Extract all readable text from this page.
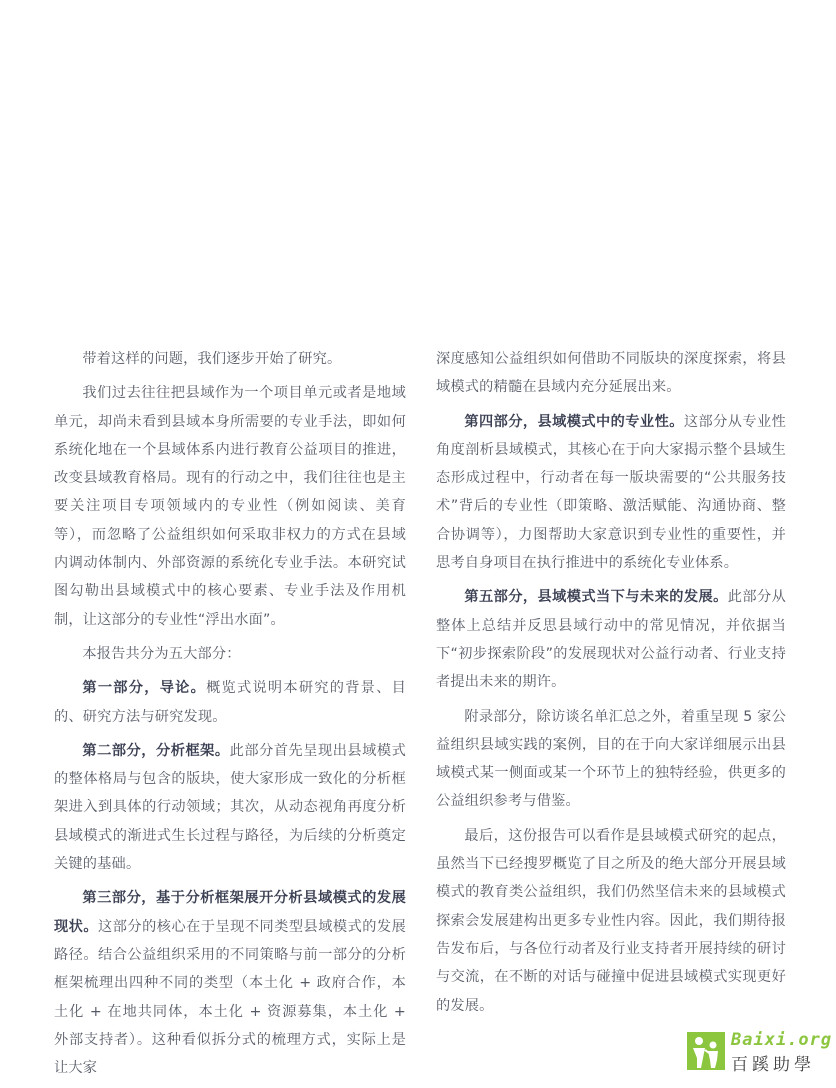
带着这样的问题，我们逐步开始了研究。

我们过去往往把县域作为一个项目单元或者是地域单元，却尚未看到县域本身所需要的专业手法，即如何系统化地在一个县域体系内进行教育公益项目的推进，改变县域教育格局。现有的行动之中，我们往往也是主要关注项目专项领域内的专业性（例如阅读、美育等），而忽略了公益组织如何采取非权力的方式在县域内调动体制内、外部资源的系统化专业手法。本研究试图勾勒出县域模式中的核心要素、专业手法及作用机制，让这部分的专业性“浮出水面”。

本报告共分为五大部分：

第一部分，导论。概览式说明本研究的背景、目的、研究方法与研究发现。

第二部分，分析框架。此部分首先呈现出县域模式的整体格局与包含的版块，使大家形成一致化的分析框架进入到具体的行动领域；其次，从动态视角再度分析县域模式的渐进式生长过程与路径，为后续的分析奠定关键的基础。

第三部分，基于分析框架展开分析县域模式的发展现状。这部分的核心在于呈现不同类型县域模式的发展路径。结合公益组织采用的不同策略与前一部分的分析框架梳理出四种不同的类型（本土化 + 政府合作，本土化 + 在地共同体，本土化 + 资源募集，本土化 + 外部支持者）。这种看似拆分式的梳理方式，实际上是让大家

深度感知公益组织如何借助不同版块的深度探索，将县域模式的精髓在县域内充分延展出来。

第四部分，县域模式中的专业性。这部分从专业性角度剖析县域模式，其核心在于向大家揭示整个县域生态形成过程中，行动者在每一版块需要的“公共服务技术”背后的专业性（即策略、激活赋能、沟通协商、整合协调等），力图帮助大家意识到专业性的重要性，并思考自身项目在执行推进中的系统化专业体系。

第五部分，县域模式当下与未来的发展。此部分从整体上总结并反思县域行动中的常见情况，并依据当下“初步探索阶段”的发展现状对公益行动者、行业支持者提出未来的期许。

附录部分，除访谈名单汇总之外，着重呈现 5 家公益组织县域实践的案例，目的在于向大家详细展示出县域模式某一侧面或某一个环节上的独特经验，供更多的公益组织参考与借鉴。

最后，这份报告可以看作是县域模式研究的起点，虽然当下已经搜罗概览了目之所及的绝大部分开展县域模式的教育类公益组织，我们仍然坚信未来的县域模式探索会发展建构出更多专业性内容。因此，我们期待报告发布后，与各位行动者及行业支持者开展持续的研讨与交流，在不断的对话与碰撞中促进县域模式实现更好的发展。

Baixi.org
百蹊助學
